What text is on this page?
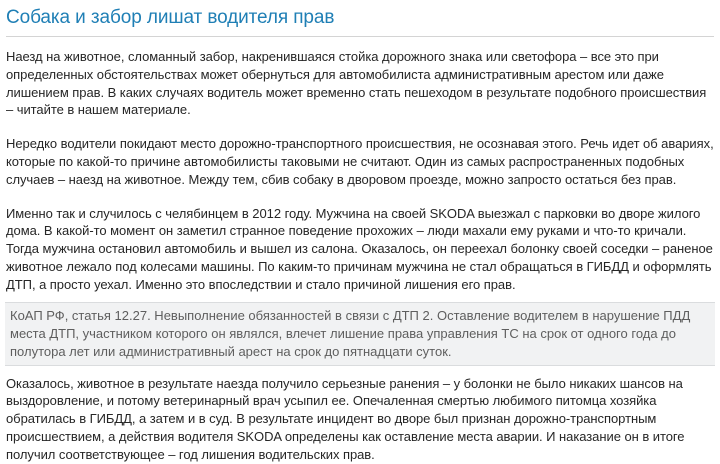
Собака и забор лишат водителя прав

Наезд на животное, сломанный забор, накренившаяся стойка дорожного знака или светофора – все это при определенных обстоятельствах может обернуться для автомобилиста административным арестом или даже лишением прав. В каких случаях водитель может временно стать пешеходом в результате подобного происшествия – читайте в нашем материале.

Нередко водители покидают место дорожно-транспортного происшествия, не осознавая этого. Речь идет об авариях, которые по какой-то причине автомобилисты таковыми не считают. Один из самых распространенных подобных случаев – наезд на животное. Между тем, сбив собаку в дворовом проезде, можно запросто остаться без прав.

Именно так и случилось с челябинцем в 2012 году. Мужчина на своей SKODA выезжал с парковки во дворе жилого дома. В какой-то момент он заметил странное поведение прохожих – люди махали ему руками и что-то кричали. Тогда мужчина остановил автомобиль и вышел из салона. Оказалось, он переехал болонку своей соседки – раненое животное лежало под колесами машины. По каким-то причинам мужчина не стал обращаться в ГИБДД и оформлять ДТП, а просто уехал. Именно это впоследствии и стало причиной лишения его прав.

КоАП РФ, статья 12.27. Невыполнение обязанностей в связи с ДТП 2. Оставление водителем в нарушение ПДД места ДТП, участником которого он являлся, влечет лишение права управления ТС на срок от одного года до полутора лет или административный арест на срок до пятнадцати суток.

Оказалось, животное в результате наезда получило серьезные ранения – у болонки не было никаких шансов на выздоровление, и потому ветеринарный врач усыпил ее. Опечаленная смертью любимого питомца хозяйка обратилась в ГИБДД, а затем и в суд. В результате инцидент во дворе был признан дорожно-транспортным происшествием, а действия водителя SKODA определены как оставление места аварии. И наказание он в итоге получил соответствующее – год лишения водительских прав.
